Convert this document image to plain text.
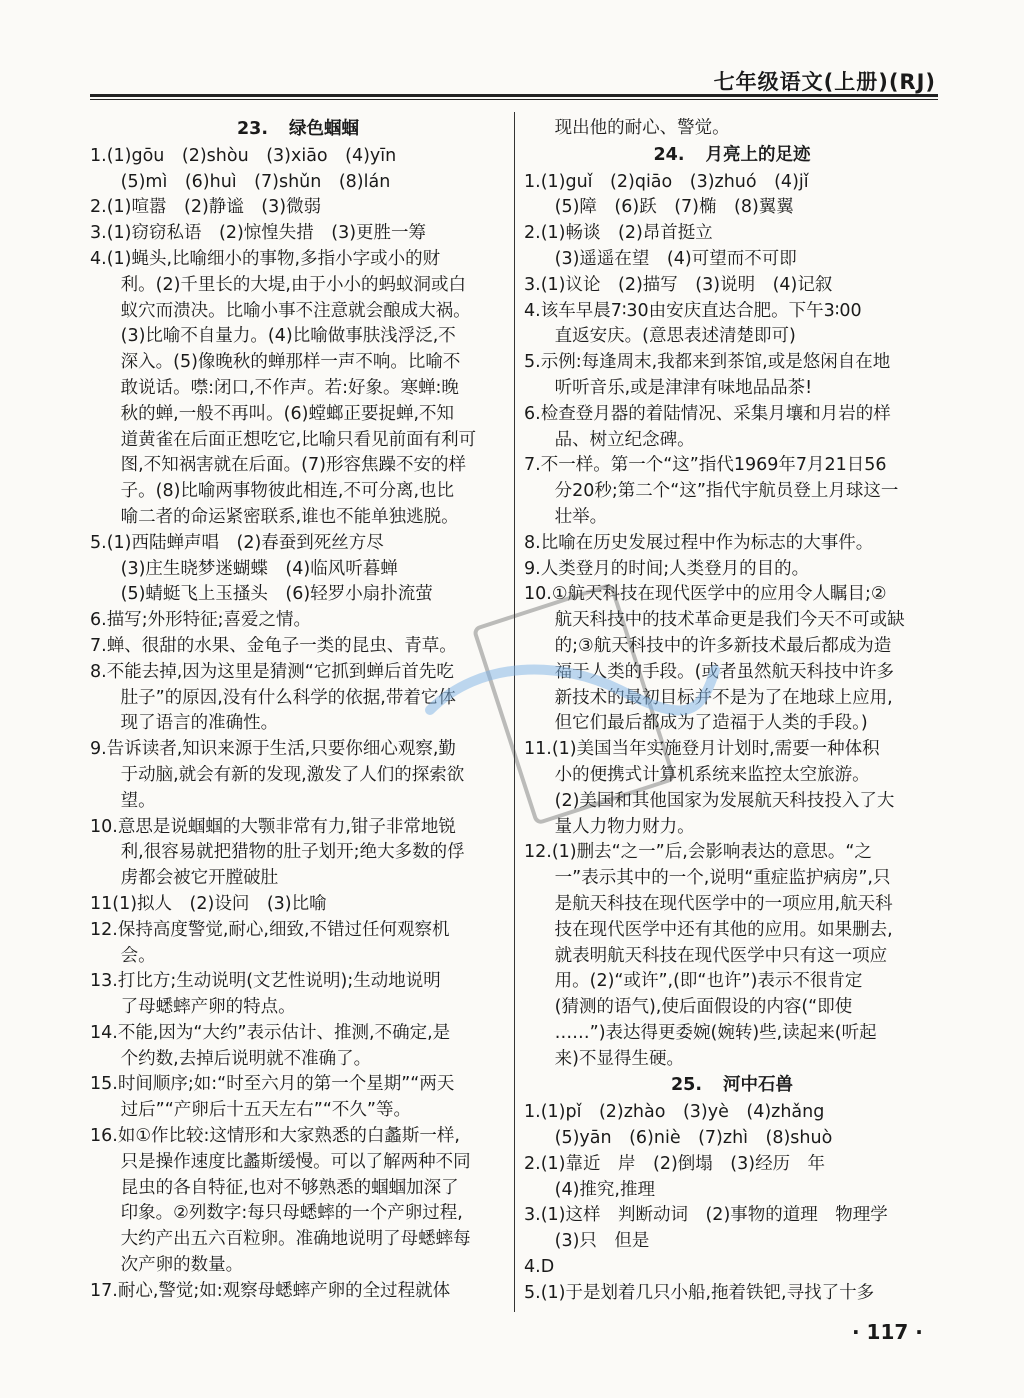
七年级语文(上册)(RJ)
23. 绿色蝈蝈
1.(1)gōu　(2)shòu　(3)xiāo　(4)yīn
(5)mì　(6)huì　(7)shǔn　(8)lán
2.(1)喧嚣　(2)静谧　(3)微弱
3.(1)窃窃私语　(2)惊惶失措　(3)更胜一筹
4.(1)蝇头,比喻细小的事物,多指小字或小的财
利。(2)千里长的大堤,由于小小的蚂蚁洞或白
蚁穴而溃决。比喻小事不注意就会酿成大祸。
(3)比喻不自量力。(4)比喻做事肤浅浮泛,不
深入。(5)像晚秋的蝉那样一声不响。比喻不
敢说话。噤:闭口,不作声。若:好象。寒蝉:晚
秋的蝉,一般不再叫。(6)螳螂正要捉蝉,不知
道黄雀在后面正想吃它,比喻只看见前面有利可
图,不知祸害就在后面。(7)形容焦躁不安的样
子。(8)比喻两事物彼此相连,不可分离,也比
喻二者的命运紧密联系,谁也不能单独逃脱。
5.(1)西陆蝉声唱　(2)春蚕到死丝方尽
(3)庄生晓梦迷蝴蝶　(4)临风听暮蝉
(5)蜻蜓飞上玉搔头　(6)轻罗小扇扑流萤
6.描写;外形特征;喜爱之情。
7.蝉、很甜的水果、金龟子一类的昆虫、青草。
8.不能去掉,因为这里是猜测“它抓到蝉后首先吃
肚子”的原因,没有什么科学的依据,带着它体
现了语言的准确性。
9.告诉读者,知识来源于生活,只要你细心观察,勤
于动脑,就会有新的发现,激发了人们的探索欲
望。
10.意思是说蝈蝈的大颚非常有力,钳子非常地锐
利,很容易就把猎物的肚子划开;绝大多数的俘
虏都会被它开膛破肚
11(1)拟人　(2)设问　(3)比喻
12.保持高度警觉,耐心,细致,不错过任何观察机
会。
13.打比方;生动说明(文艺性说明);生动地说明
了母蟋蟀产卵的特点。
14.不能,因为“大约”表示估计、推测,不确定,是
个约数,去掉后说明就不准确了。
15.时间顺序;如:“时至六月的第一个星期”“两天
过后”“产卵后十五天左右”“不久”等。
16.如①作比较:这情形和大家熟悉的白蠡斯一样,
只是操作速度比蠡斯缓慢。可以了解两种不同
昆虫的各自特征,也对不够熟悉的蝈蝈加深了
印象。②列数字:每只母蟋蟀的一个产卵过程,
大约产出五六百粒卵。准确地说明了母蟋蟀每
次产卵的数量。
17.耐心,警觉;如:观察母蟋蟀产卵的全过程就体
现出他的耐心、警觉。
24. 月亮上的足迹
1.(1)guǐ　(2)qiāo　(3)zhuó　(4)jǐ
(5)障　(6)跃　(7)椭　(8)翼翼
2.(1)畅谈　(2)昂首挺立
(3)遥遥在望　(4)可望而不可即
3.(1)议论　(2)描写　(3)说明　(4)记叙
4.该车早晨7∶30由安庆直达合肥。下午3∶00
直返安庆。(意思表述清楚即可)
5.示例:每逢周末,我都来到茶馆,或是悠闲自在地
听听音乐,或是津津有味地品品茶!
6.检查登月器的着陆情况、采集月壤和月岩的样
品、树立纪念碑。
7.不一样。第一个“这”指代1969年7月21日56
分20秒;第二个“这”指代宇航员登上月球这一
壮举。
8.比喻在历史发展过程中作为标志的大事件。
9.人类登月的时间;人类登月的目的。
10.①航天科技在现代医学中的应用令人瞩目;②
航天科技中的技术革命更是我们今天不可或缺
的;③航天科技中的许多新技术最后都成为造
福于人类的手段。(或者虽然航天科技中许多
新技术的最初目标并不是为了在地球上应用,
但它们最后都成为了造福于人类的手段。)
11.(1)美国当年实施登月计划时,需要一种体积
小的便携式计算机系统来监控太空旅游。
(2)美国和其他国家为发展航天科技投入了大
量人力物力财力。
12.(1)删去“之一”后,会影响表达的意思。“之
一”表示其中的一个,说明“重症监护病房”,只
是航天科技在现代医学中的一项应用,航天科
技在现代医学中还有其他的应用。如果删去,
就表明航天科技在现代医学中只有这一项应
用。(2)“或许”,(即“也许”)表示不很肯定
(猜测的语气),使后面假设的内容(“即使
……”)表达得更委婉(婉转)些,读起来(听起
来)不显得生硬。
25. 河中石兽
1.(1)pǐ　(2)zhào　(3)yè　(4)zhǎng
(5)yān　(6)niè　(7)zhì　(8)shuò
2.(1)靠近　岸　(2)倒塌　(3)经历　年
(4)推究,推理
3.(1)这样　判断动词　(2)事物的道理　物理学
(3)只　但是
4.D
5.(1)于是划着几只小船,拖着铁钯,寻找了十多
· 117 ·
